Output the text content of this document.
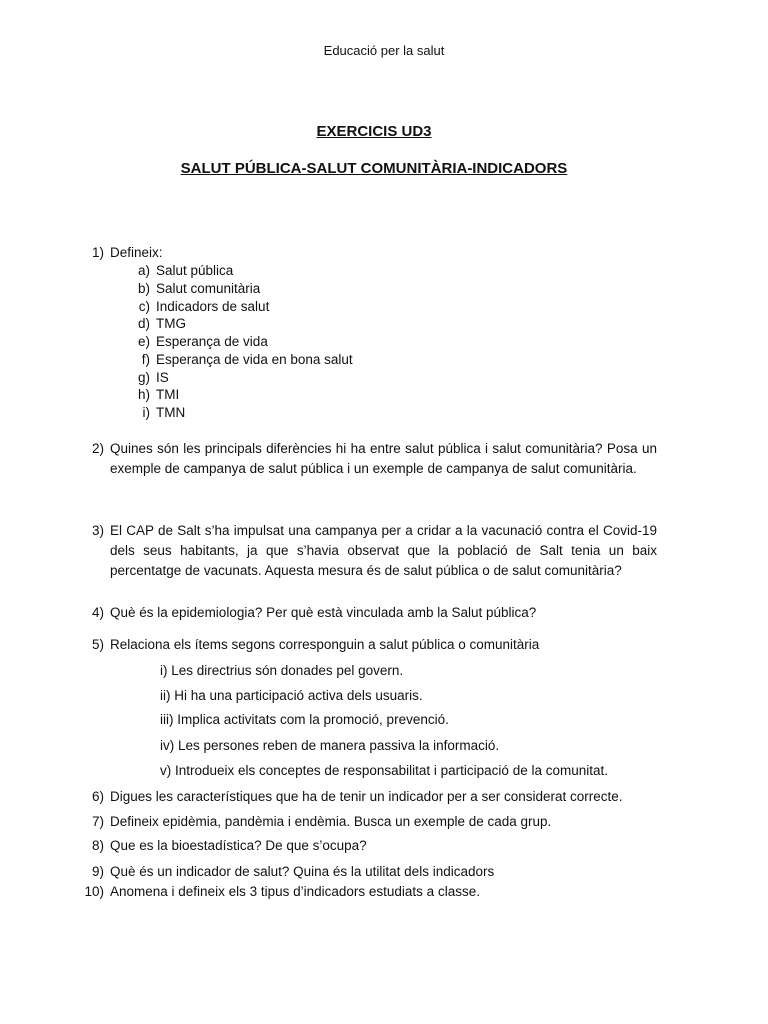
Educació per la salut
EXERCICIS UD3
SALUT PÚBLICA-SALUT COMUNITÀRIA-INDICADORS
1) Defineix:
a) Salut pública
b) Salut comunitària
c) Indicadors de salut
d) TMG
e) Esperança de vida
f) Esperança de vida en bona salut
g) IS
h) TMI
i) TMN
2) Quines són les principals diferències hi ha entre salut pública i salut comunitària? Posa un exemple de campanya de salut pública i un exemple de campanya de salut comunitària.
3) El CAP de Salt s’ha impulsat una campanya per a cridar a la vacunació contra el Covid-19 dels seus habitants, ja que s’havia observat que la població de Salt tenia un baix percentatge de vacunats. Aquesta mesura és de salut pública o de salut comunitària?
4) Què és la epidemiologia? Per què està vinculada amb la Salut pública?
5) Relaciona els ítems segons corresponguin a salut pública o comunitària
i) Les directrius són donades pel govern.
ii) Hi ha una participació activa dels usuaris.
iii) Implica activitats com la promoció, prevenció.
iv) Les persones reben de manera passiva la informació.
v) Introdueix els conceptes de responsabilitat i participació de la comunitat.
6) Digues les característiques que ha de tenir un indicador per a ser considerat correcte.
7) Defineix epidèmia, pandèmia i endèmia. Busca un exemple de cada grup.
8) Que es la bioestadística? De que s’ocupa?
9) Què és un indicador de salut? Quina és la utilitat dels indicadors
10) Anomena i defineix els 3 tipus d’indicadors estudiats a classe.
